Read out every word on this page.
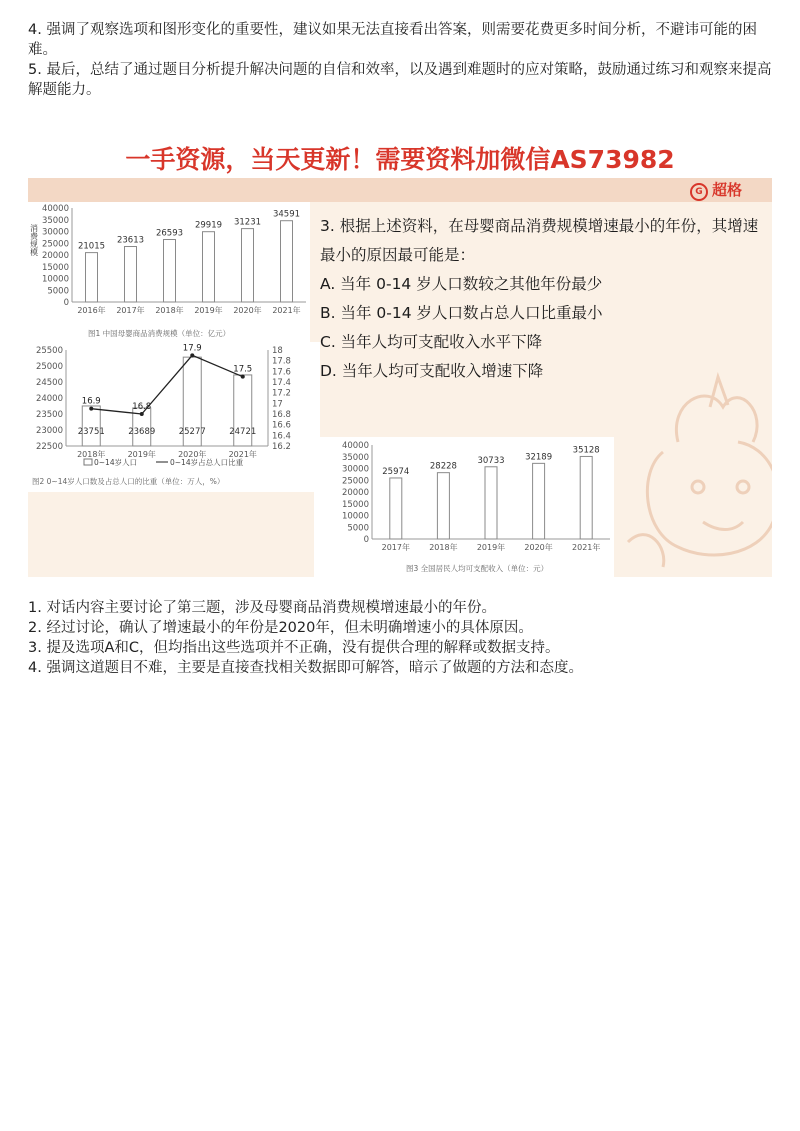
4. 强调了观察选项和图形变化的重要性，建议如果无法直接看出答案，则需要花费更多时间分析，不避讳可能的困难。

5. 最后，总结了通过题目分析提升解决问题的自信和效率，以及遇到难题时的应对策略，鼓励通过练习和观察来提高解题能力。

一手资源，当天更新！需要资料加微信AS73982
G 超格
40000
35000
30000
25000
20000
15000
10000
5000
0
21015
2016年
23613
2017年
26593
2018年
29919
2019年
31231
2020年
34591
2021年
图1 中国母婴商品消费规模（单位：亿元）
消费规模
25500
25000
24500
24000
23500
23000
22500
18
17.8
17.6
17.4
17.2
17
16.8
16.6
16.4
16.2
23751
2018年
23689
2019年
25277
2020年
24721
2021年
16.9
16.8
17.9
17.5
0~14岁人口	0~14岁占总人口比重
图2 0~14岁人口数及占总人口的比重（单位：万人，%）
40000
35000
30000
25000
20000
15000
10000
5000
0
25974
2017年
28228
2018年
30733
2019年
32189
2020年
35128
2021年
图3 全国居民人均可支配收入（单位：元）

3. 根据上述资料，在母婴商品消费规模增速最小的年份，其增速

最小的原因最可能是：

A. 当年 0-14 岁人口数较之其他年份最少

B. 当年 0-14 岁人口数占总人口比重最小

C. 当年人均可支配收入水平下降

D. 当年人均可支配收入增速下降

1. 对话内容主要讨论了第三题，涉及母婴商品消费规模增速最小的年份。

2. 经过讨论，确认了增速最小的年份是2020年，但未明确增速小的具体原因。

3. 提及选项A和C，但均指出这些选项并不正确，没有提供合理的解释或数据支持。

4. 强调这道题目不难，主要是直接查找相关数据即可解答，暗示了做题的方法和态度。
